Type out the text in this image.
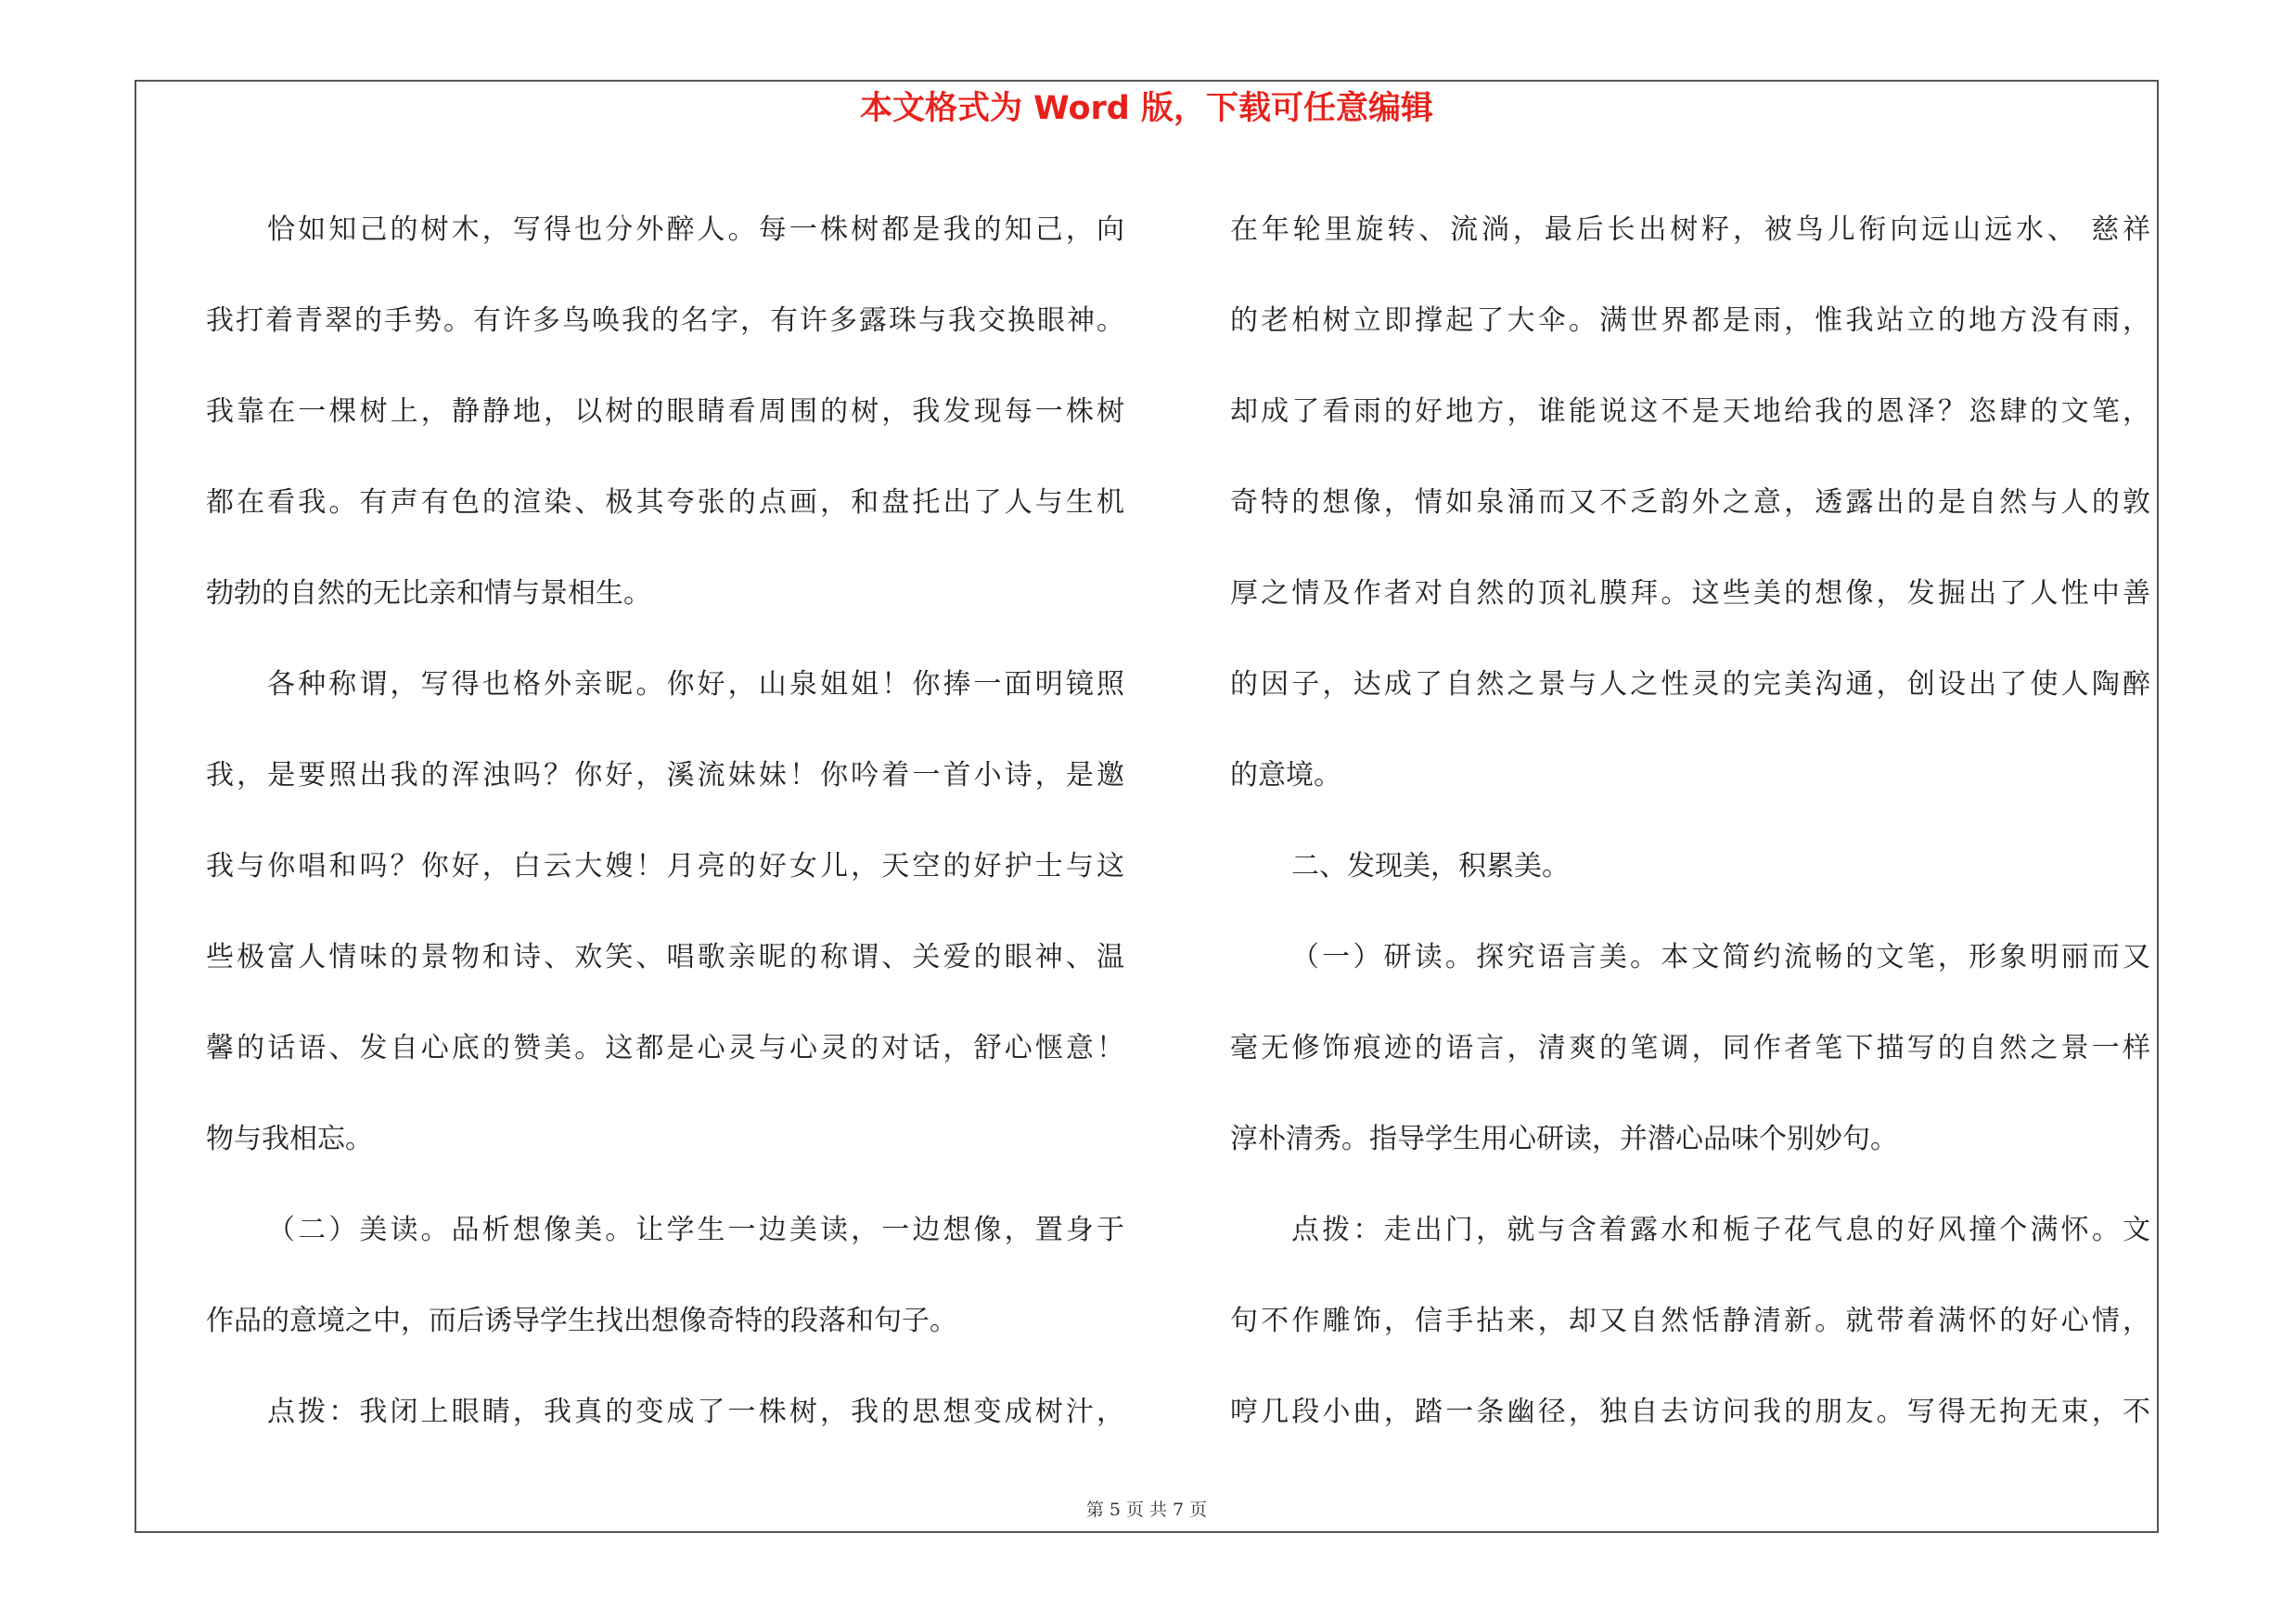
本文格式为 Word 版，下载可任意编辑
恰如知己的树木，写得也分外醉人。每一株树都是我的知己，向
我打着青翠的手势。有许多鸟唤我的名字，有许多露珠与我交换眼神。
我靠在一棵树上，静静地，以树的眼睛看周围的树，我发现每一株树
都在看我。有声有色的渲染、极其夸张的点画，和盘托出了人与生机
勃勃的自然的无比亲和情与景相生。
各种称谓，写得也格外亲昵。你好，山泉姐姐！你捧一面明镜照
我，是要照出我的浑浊吗？你好，溪流妹妹！你吟着一首小诗，是邀
我与你唱和吗？你好，白云大嫂！月亮的好女儿，天空的好护士与这
些极富人情味的景物和诗、欢笑、唱歌亲昵的称谓、关爱的眼神、温
馨的话语、发自心底的赞美。这都是心灵与心灵的对话，舒心惬意！
物与我相忘。
（二）美读。品析想像美。让学生一边美读，一边想像，置身于
作品的意境之中，而后诱导学生找出想像奇特的段落和句子。
点拨：我闭上眼睛，我真的变成了一株树，我的思想变成树汁，
在年轮里旋转、流淌，最后长出树籽，被鸟儿衔向远山远水、 慈祥
的老柏树立即撑起了大伞。满世界都是雨，惟我站立的地方没有雨，
却成了看雨的好地方，谁能说这不是天地给我的恩泽？恣肆的文笔，
奇特的想像，情如泉涌而又不乏韵外之意，透露出的是自然与人的敦
厚之情及作者对自然的顶礼膜拜。这些美的想像，发掘出了人性中善
的因子，达成了自然之景与人之性灵的完美沟通，创设出了使人陶醉
的意境。
二、发现美，积累美。
（一）研读。探究语言美。本文简约流畅的文笔，形象明丽而又
毫无修饰痕迹的语言，清爽的笔调，同作者笔下描写的自然之景一样
淳朴清秀。指导学生用心研读，并潜心品味个别妙句。
点拨：走出门，就与含着露水和栀子花气息的好风撞个满怀。文
句不作雕饰，信手拈来，却又自然恬静清新。就带着满怀的好心情，
哼几段小曲，踏一条幽径，独自去访问我的朋友。写得无拘无束，不
第 5 页 共 7 页
